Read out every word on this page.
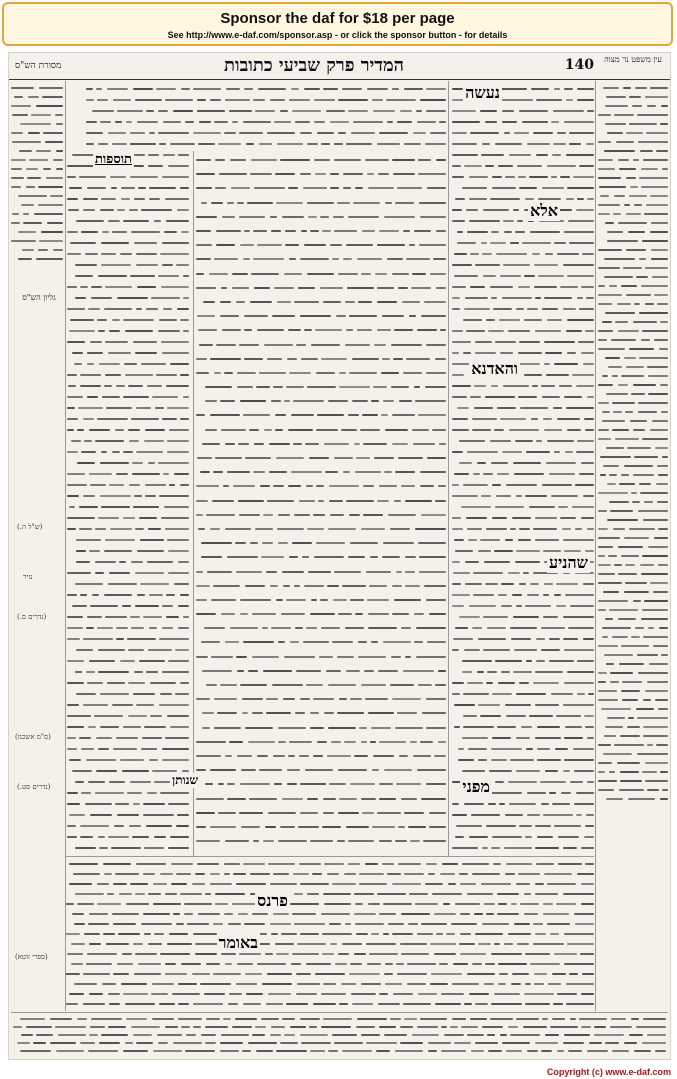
Sponsor the daf for $18 per page
See http://www.e-daf.com/sponsor.asp - or click the sponsor button - for details
מסורת הש"ס	המדיר פרק שביעי כתובות	140	עין משפט נר מצוה
נעשה
אלא
והאדנא
שהניע
מפני
שנותן
פרנס
באומר
תוספות
גליון הש"ס
נזיר
(ש"ל ה.)
(נדרים ס.)
(ס"מ אשכנז)
(נדרים סט.)
(ספרי זוטא)
Copyright (c) www.e-daf.com
